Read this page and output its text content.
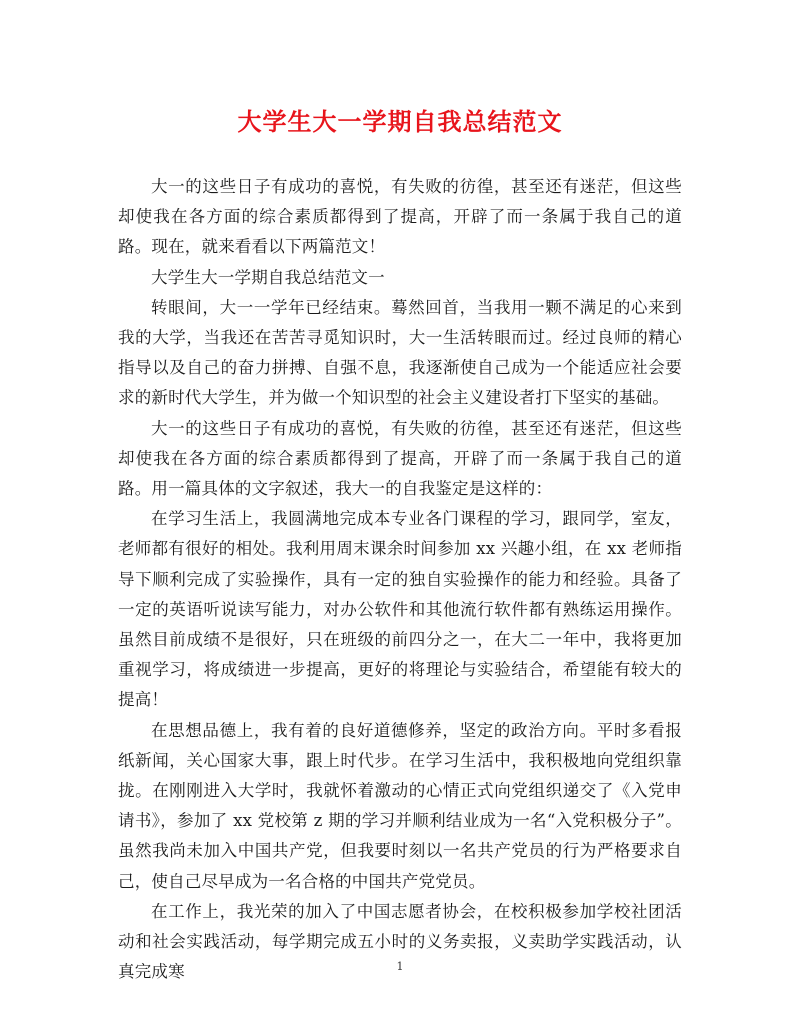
大学生大一学期自我总结范文

大一的这些日子有成功的喜悦，有失败的彷徨，甚至还有迷茫，但这些却使我在各方面的综合素质都得到了提高，开辟了而一条属于我自己的道路。现在，就来看看以下两篇范文！

大学生大一学期自我总结范文一

转眼间，大一一学年已经结束。蓦然回首，当我用一颗不满足的心来到我的大学，当我还在苦苦寻觅知识时，大一生活转眼而过。经过良师的精心指导以及自己的奋力拼搏、自强不息，我逐渐使自己成为一个能适应社会要求的新时代大学生，并为做一个知识型的社会主义建设者打下坚实的基础。

大一的这些日子有成功的喜悦，有失败的彷徨，甚至还有迷茫，但这些却使我在各方面的综合素质都得到了提高，开辟了而一条属于我自己的道路。用一篇具体的文字叙述，我大一的自我鉴定是这样的：

在学习生活上，我圆满地完成本专业各门课程的学习，跟同学，室友，老师都有很好的相处。我利用周末课余时间参加 xx 兴趣小组，在 xx 老师指导下顺利完成了实验操作，具有一定的独自实验操作的能力和经验。具备了一定的英语听说读写能力，对办公软件和其他流行软件都有熟练运用操作。虽然目前成绩不是很好，只在班级的前四分之一，在大二一年中，我将更加重视学习，将成绩进一步提高，更好的将理论与实验结合，希望能有较大的提高！

在思想品德上，我有着的良好道德修养，坚定的政治方向。平时多看报纸新闻，关心国家大事，跟上时代步。在学习生活中，我积极地向党组织靠拢。在刚刚进入大学时，我就怀着激动的心情正式向党组织递交了《入党申请书》，参加了 xx 党校第 z 期的学习并顺利结业成为一名“入党积极分子”。虽然我尚未加入中国共产党，但我要时刻以一名共产党员的行为严格要求自己，使自己尽早成为一名合格的中国共产党党员。

在工作上，我光荣的加入了中国志愿者协会，在校积极参加学校社团活动和社会实践活动，每学期完成五小时的义务卖报，义卖助学实践活动，认真完成寒	1
